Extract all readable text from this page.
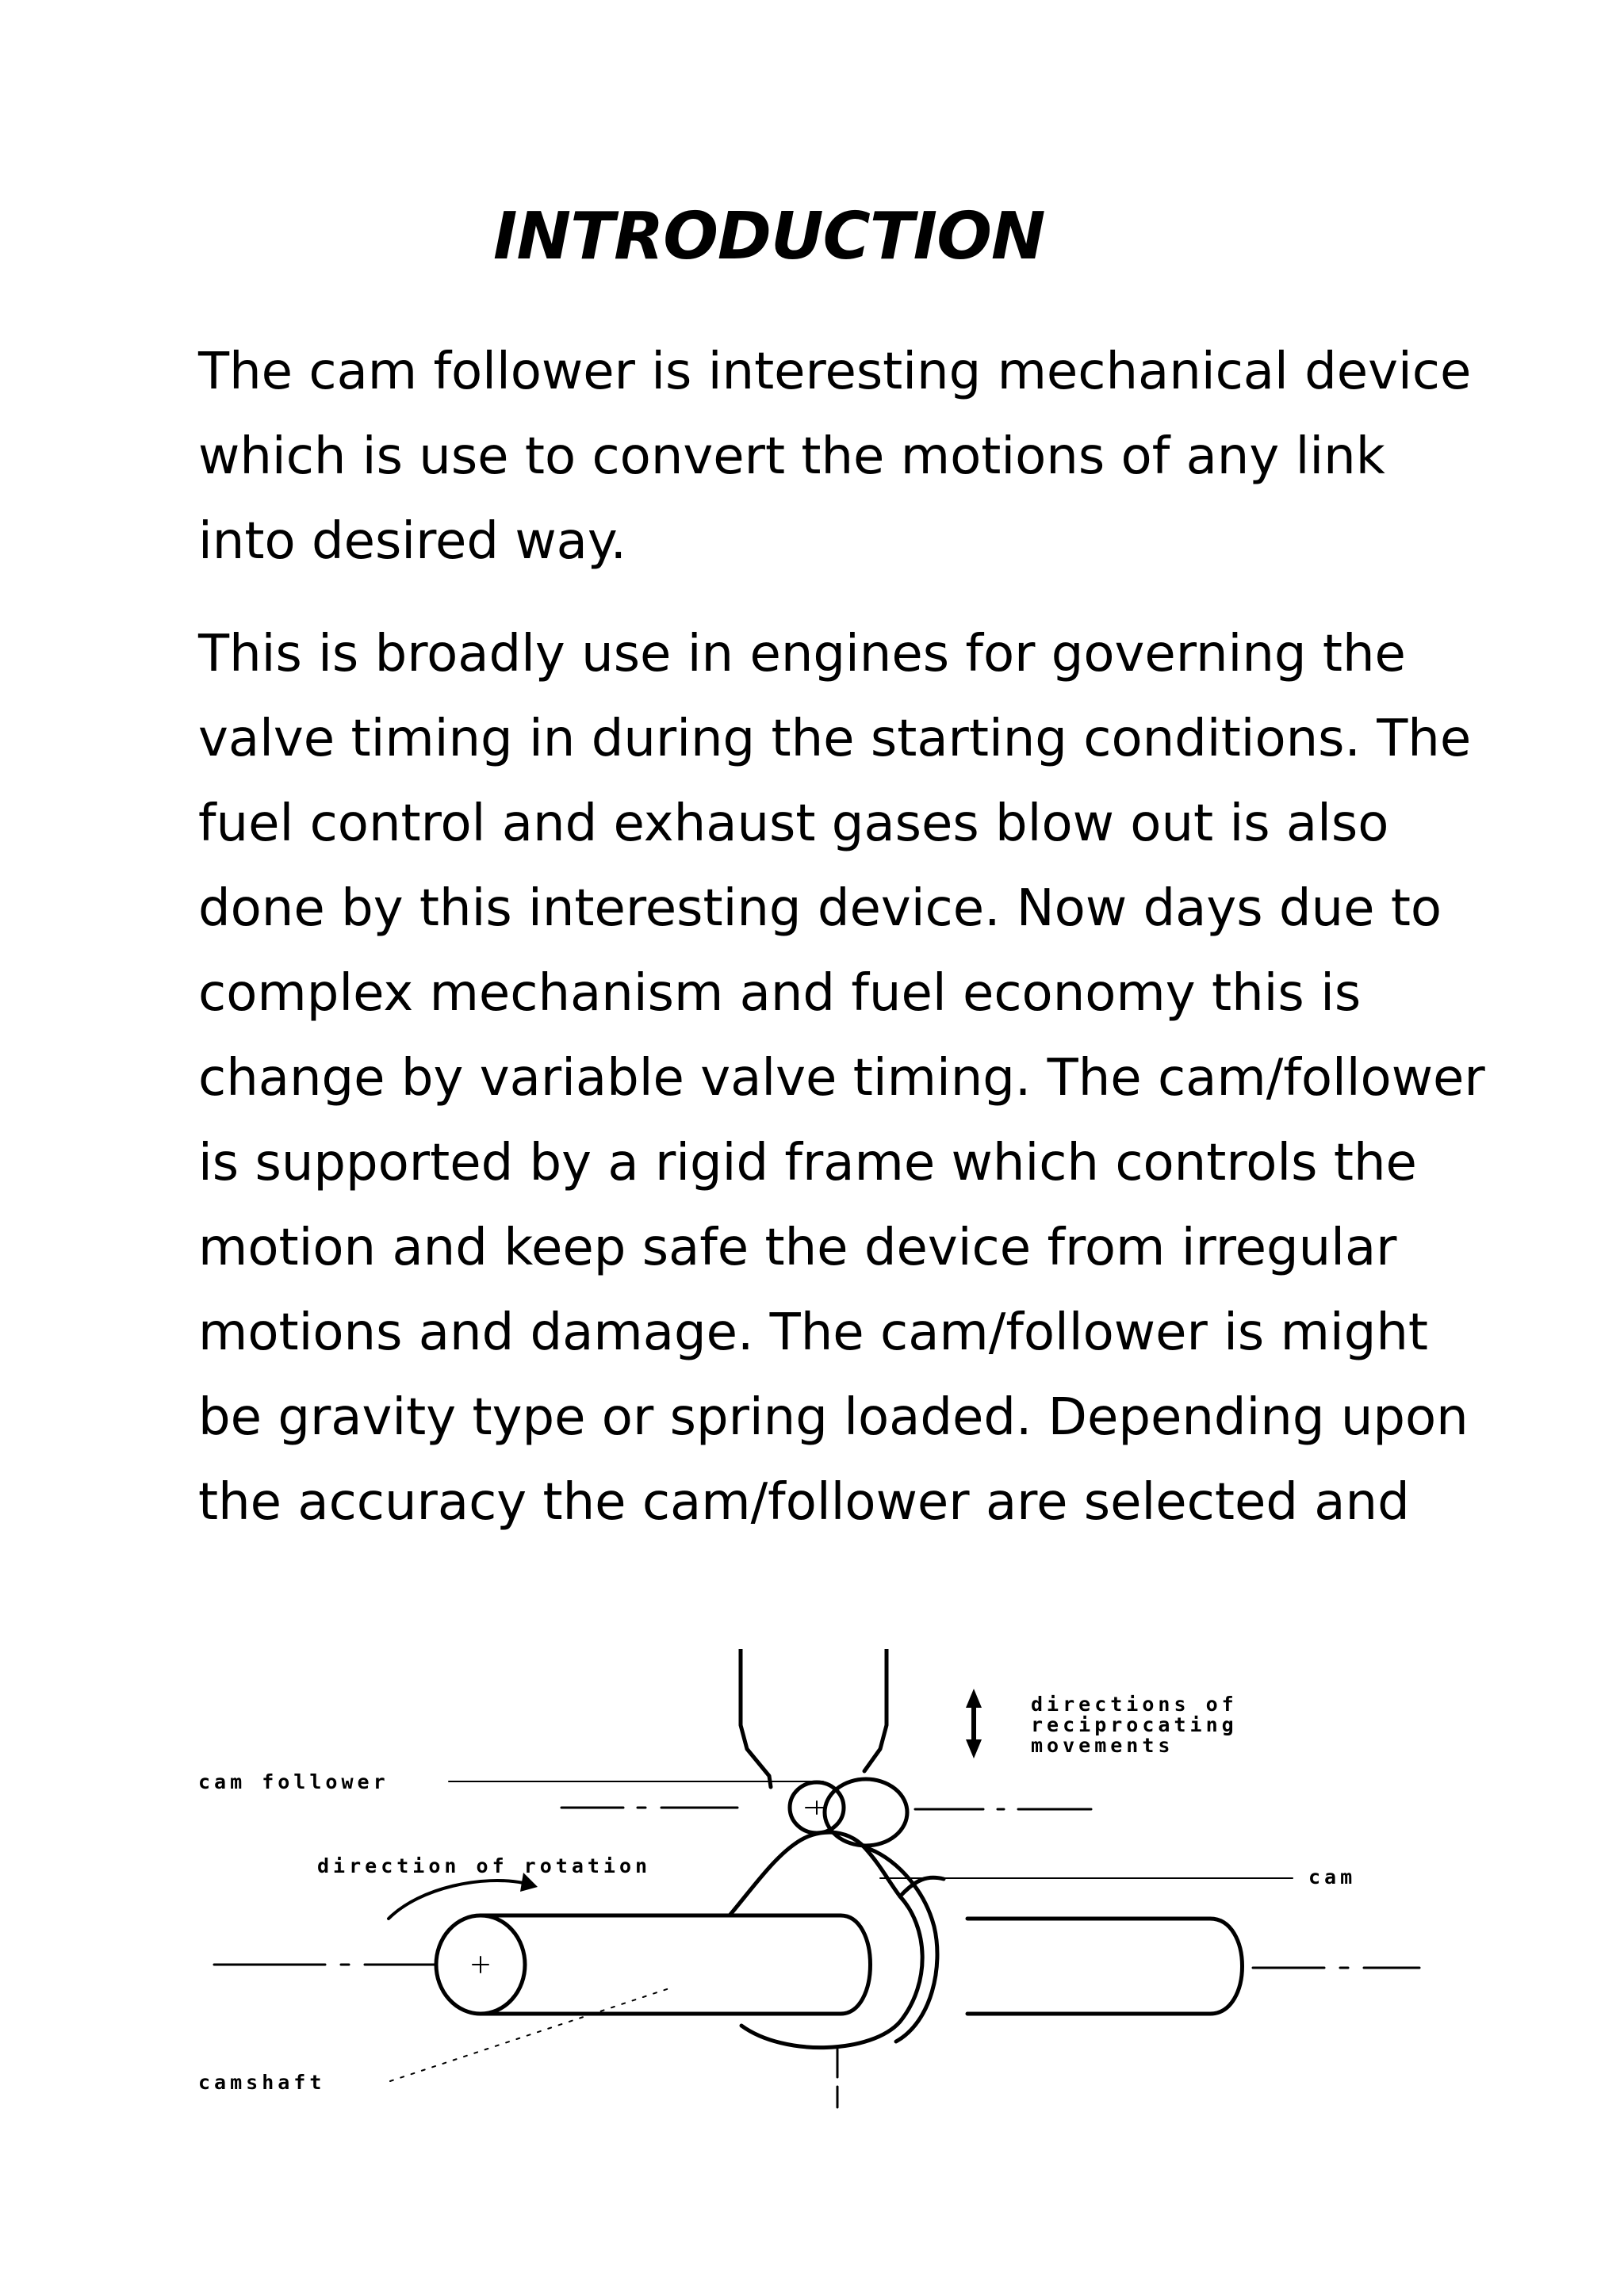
INTRODUCTION

The cam follower is interesting mechanical device
which is use to convert the motions of any link
into desired way.

This is broadly use in engines for governing the
valve timing in during the starting conditions. The
fuel control and exhaust gases blow out is also
done by this interesting device. Now days due to
complex mechanism and fuel economy this is
change by variable valve timing. The cam/follower
is supported by a rigid frame which controls the
motion and keep safe the device from irregular
motions and damage. The cam/follower is might
be gravity type or spring loaded. Depending upon
the accuracy the cam/follower are selected and

cam follower
direction of rotation
camshaft
cam
directions of
reciprocating
movements
